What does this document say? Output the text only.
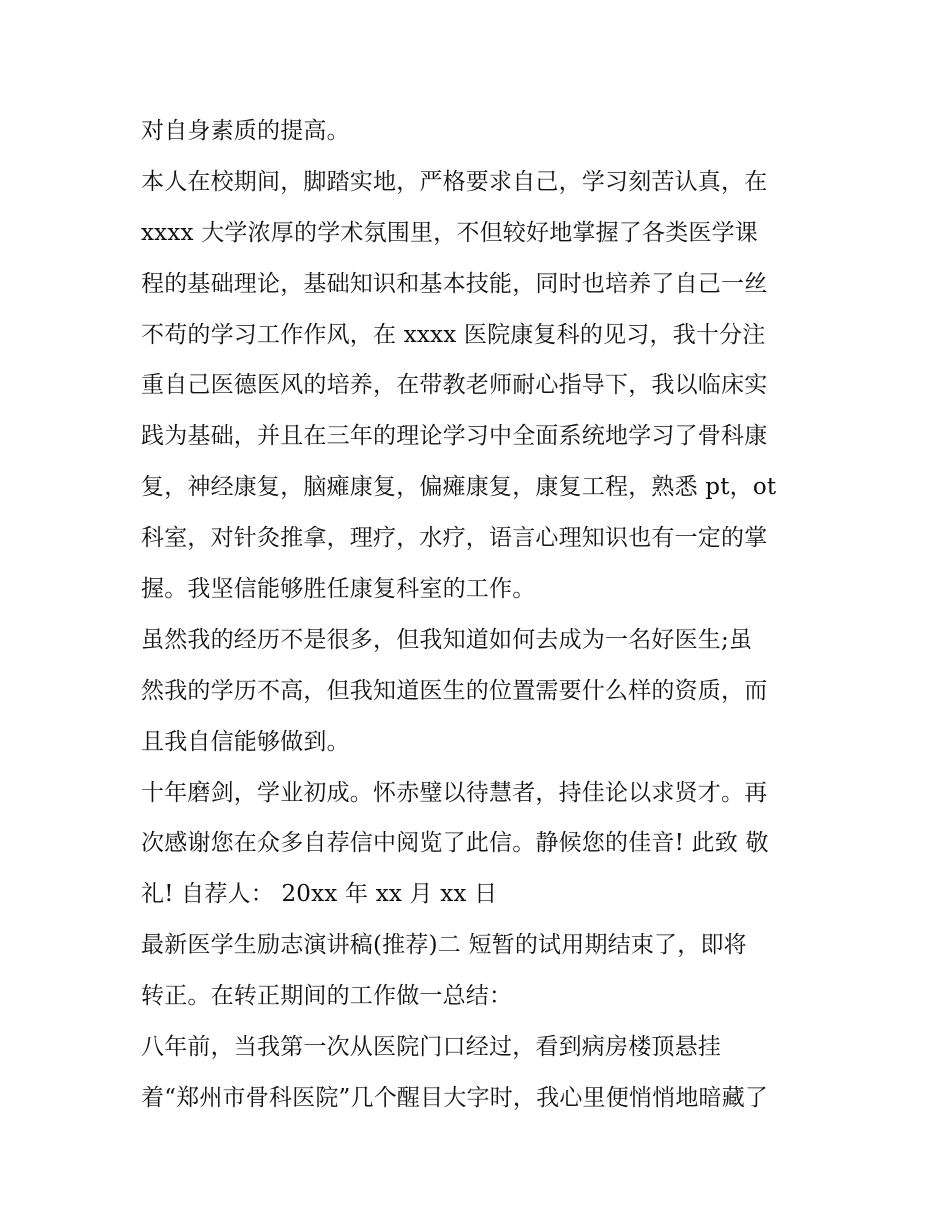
对自身素质的提高。
本人在校期间，脚踏实地，严格要求自己，学习刻苦认真，在
xxxx 大学浓厚的学术氛围里，不但较好地掌握了各类医学课
程的基础理论，基础知识和基本技能，同时也培养了自己一丝
不苟的学习工作作风，在 xxxx 医院康复科的见习，我十分注
重自己医德医风的培养，在带教老师耐心指导下，我以临床实
践为基础，并且在三年的理论学习中全面系统地学习了骨科康
复，神经康复，脑瘫康复，偏瘫康复，康复工程，熟悉 pt，ot
科室，对针灸推拿，理疗，水疗，语言心理知识也有一定的掌
握。我坚信能够胜任康复科室的工作。
虽然我的经历不是很多，但我知道如何去成为一名好医生;虽
然我的学历不高，但我知道医生的位置需要什么样的资质，而
且我自信能够做到。
十年磨剑，学业初成。怀赤璧以待慧者，持佳论以求贤才。再
次感谢您在众多自荐信中阅览了此信。静候您的佳音! 此致 敬
礼! 自荐人： 20xx 年 xx 月 xx 日
最新医学生励志演讲稿(推荐)二 短暂的试用期结束了，即将
转正。在转正期间的工作做一总结：
八年前，当我第一次从医院门口经过，看到病房楼顶悬挂
着“郑州市骨科医院”几个醒目大字时，我心里便悄悄地暗藏了
